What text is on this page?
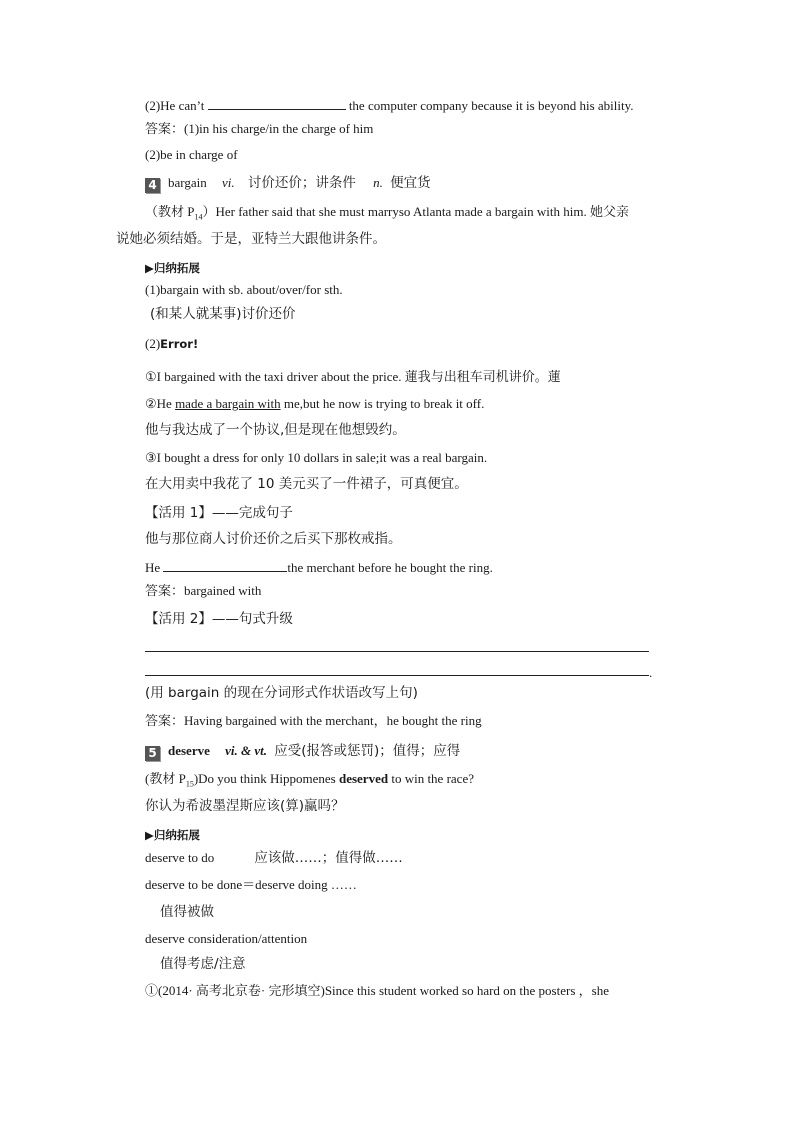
(2)He can’t	the computer company because it is beyond his ability.
答案：(1)in his charge/in the charge of him
(2)be in charge of
4 bargain vi. 讨价还价；讲条件 n. 便宜货
（教材 $P_{14})Her$ father said that she must marryso Atlanta made a bargain with him. 她父亲
说她必须结婚。于是，亚特兰大跟他讲条件。
▶归纳拓展
(1)bargain with sb. about/over/for sth.
(和某人就某事)讨价还价
(2)Error!
①I bargained with the taxi driver about the price. 蓮我与出租车司机讲价。蓮
②He made a bargain with me,but he now is trying to break it off.
他与我达成了一个协议,但是现在他想毁约。
③I bought a dress for only 10 dollars in sale;it was a real bargain.
在大用卖中我花了 10 美元买了一件裙子，可真便宜。
【活用 1】——完成句子
他与那位商人讨价还价之后买下那枚戒指。
He	the merchant before he bought the ring.
答案：bargained with
【活用 2】——句式升级
.
(用 bargain 的现在分词形式作状语改写上句)
答案：Having bargained with the merchant，he bought the ring
5 deserve vi. & vt. 应受(报答或惩罚)；值得；应得
(教材 $P_{15})Do$ you think Hippomenes deserved to win the race?
你认为希波墨涅斯应该(算)赢吗？
▶归纳拓展
deserve to do	应该做……；值得做……
deserve to be done＝deserve doing ……
值得被做
deserve consideration/attention
值得考虑/注意
①(2014· 高考北京卷· 完形填空)Since this student worked so hard on the posters ，she
